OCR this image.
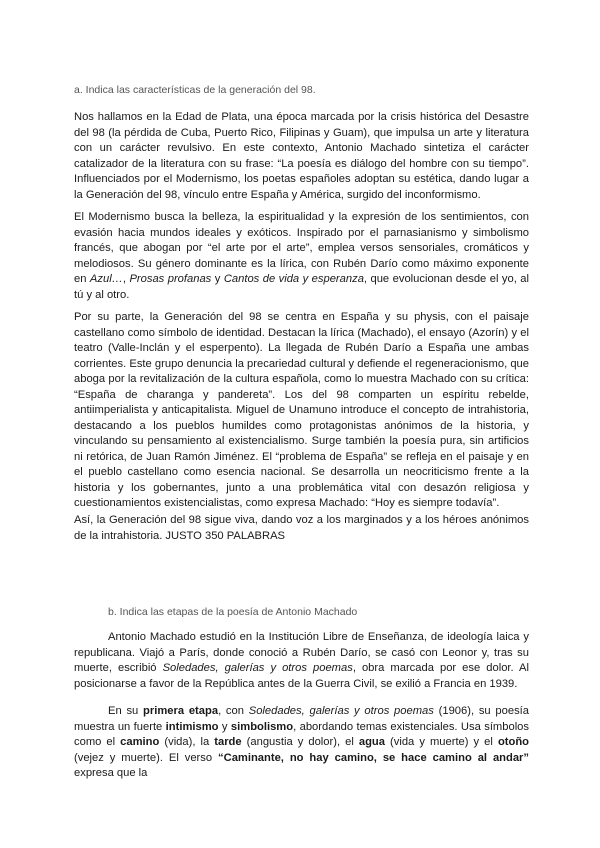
a. Indica las características de la generación del 98.

Nos hallamos en la Edad de Plata, una época marcada por la crisis histórica del Desastre del 98 (la pérdida de Cuba, Puerto Rico, Filipinas y Guam), que impulsa un arte y literatura con un carácter revulsivo. En este contexto, Antonio Machado sintetiza el carácter catalizador de la literatura con su frase: “La poesía es diálogo del hombre con su tiempo”. Influenciados por el Modernismo, los poetas españoles adoptan su estética, dando lugar a la Generación del 98, vínculo entre España y América, surgido del inconformismo.

El Modernismo busca la belleza, la espiritualidad y la expresión de los sentimientos, con evasión hacia mundos ideales y exóticos. Inspirado por el parnasianismo y simbolismo francés, que abogan por “el arte por el arte”, emplea versos sensoriales, cromáticos y melodiosos. Su género dominante es la lírica, con Rubén Darío como máximo exponente en Azul…, Prosas profanas y Cantos de vida y esperanza, que evolucionan desde el yo, al tú y al otro.

Por su parte, la Generación del 98 se centra en España y su physis, con el paisaje castellano como símbolo de identidad. Destacan la lírica (Machado), el ensayo (Azorín) y el teatro (Valle-Inclán y el esperpento). La llegada de Rubén Darío a España une ambas corrientes. Este grupo denuncia la precariedad cultural y defiende el regeneracionismo, que aboga por la revitalización de la cultura española, como lo muestra Machado con su crítica: “España de charanga y pandereta”. Los del 98 comparten un espíritu rebelde, antiimperialista y anticapitalista. Miguel de Unamuno introduce el concepto de intrahistoria, destacando a los pueblos humildes como protagonistas anónimos de la historia, y vinculando su pensamiento al existencialismo. Surge también la poesía pura, sin artificios ni retórica, de Juan Ramón Jiménez. El “problema de España” se refleja en el paisaje y en el pueblo castellano como esencia nacional. Se desarrolla un neocriticismo frente a la historia y los gobernantes, junto a una problemática vital con desazón religiosa y cuestionamientos existencialistas, como expresa Machado: “Hoy es siempre todavía”.

Así, la Generación del 98 sigue viva, dando voz a los marginados y a los héroes anónimos de la intrahistoria. JUSTO 350 PALABRAS

b. Indica las etapas de la poesía de Antonio Machado

Antonio Machado estudió en la Institución Libre de Enseñanza, de ideología laica y republicana. Viajó a París, donde conoció a Rubén Darío, se casó con Leonor y, tras su muerte, escribió Soledades, galerías y otros poemas, obra marcada por ese dolor. Al posicionarse a favor de la República antes de la Guerra Civil, se exilió a Francia en 1939.

En su primera etapa, con Soledades, galerías y otros poemas (1906), su poesía muestra un fuerte intimismo y simbolismo, abordando temas existenciales. Usa símbolos como el camino (vida), la tarde (angustia y dolor), el agua (vida y muerte) y el otoño (vejez y muerte). El verso “Caminante, no hay camino, se hace camino al andar” expresa que la
